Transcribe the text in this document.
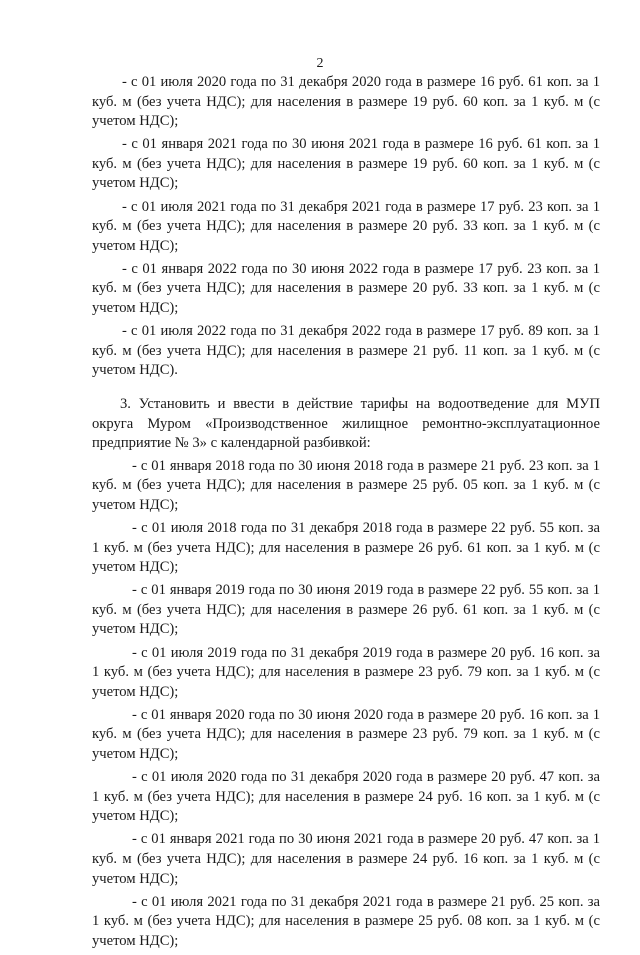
2

- с 01 июля 2020 года по 31 декабря 2020 года в размере 16 руб. 61 коп. за 1 куб. м (без учета НДС); для населения в размере 19 руб. 60 коп. за 1 куб. м (с учетом НДС);

- с 01 января 2021 года по 30 июня 2021 года в размере 16 руб. 61 коп. за 1 куб. м (без учета НДС); для населения в размере 19 руб. 60 коп. за 1 куб. м (с учетом НДС);

- с 01 июля 2021 года по 31 декабря 2021 года в размере 17 руб. 23 коп. за 1 куб. м (без учета НДС); для населения в размере 20 руб. 33 коп. за 1 куб. м (с учетом НДС);

- с 01 января 2022 года по 30 июня 2022 года в размере 17 руб. 23 коп. за 1 куб. м (без учета НДС); для населения в размере 20 руб. 33 коп. за 1 куб. м (с учетом НДС);

- с 01 июля 2022 года по 31 декабря 2022 года в размере 17 руб. 89 коп. за 1 куб. м (без учета НДС); для населения в размере 21 руб. 11 коп. за 1 куб. м (с учетом НДС).

3. Установить и ввести в действие тарифы на водоотведение для МУП округа Муром «Производственное жилищное ремонтно-эксплуатационное предприятие № 3» с календарной разбивкой:

- с 01 января 2018 года по 30 июня 2018 года в размере 21 руб. 23 коп. за 1 куб. м (без учета НДС); для населения в размере 25 руб. 05 коп. за 1 куб. м (с учетом НДС);

- с 01 июля 2018 года по 31 декабря 2018 года в размере 22 руб. 55 коп. за 1 куб. м (без учета НДС); для населения в размере 26 руб. 61 коп. за 1 куб. м (с учетом НДС);

- с 01 января 2019 года по 30 июня 2019 года в размере 22 руб. 55 коп. за 1 куб. м (без учета НДС); для населения в размере 26 руб. 61 коп. за 1 куб. м (с учетом НДС);

- с 01 июля 2019 года по 31 декабря 2019 года в размере 20 руб. 16 коп. за 1 куб. м (без учета НДС); для населения в размере 23 руб. 79 коп. за 1 куб. м (с учетом НДС);

- с 01 января 2020 года по 30 июня 2020 года в размере 20 руб. 16 коп. за 1 куб. м (без учета НДС); для населения в размере 23 руб. 79 коп. за 1 куб. м (с учетом НДС);

- с 01 июля 2020 года по 31 декабря 2020 года в размере 20 руб. 47 коп. за 1 куб. м (без учета НДС); для населения в размере 24 руб. 16 коп. за 1 куб. м (с учетом НДС);

- с 01 января 2021 года по 30 июня 2021 года в размере 20 руб. 47 коп. за 1 куб. м (без учета НДС); для населения в размере 24 руб. 16 коп. за 1 куб. м (с учетом НДС);

- с 01 июля 2021 года по 31 декабря 2021 года в размере 21 руб. 25 коп. за 1 куб. м (без учета НДС); для населения в размере 25 руб. 08 коп. за 1 куб. м (с учетом НДС);
